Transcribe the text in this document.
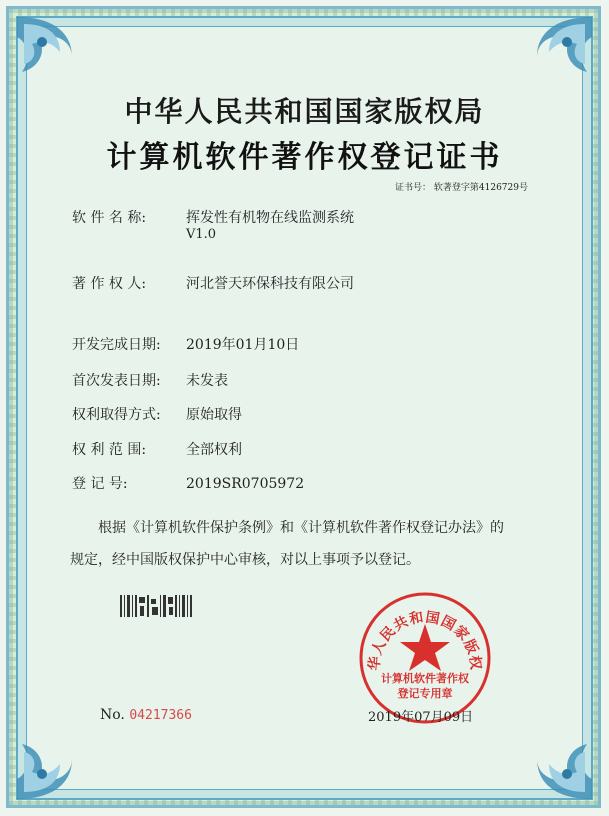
中华人民共和国国家版权局
计算机软件著作权登记证书
证书号： 软著登字第4126729号
软 件 名 称:	挥发性有机物在线监测系统
V1.0
著 作 权 人:	河北誉天环保科技有限公司
开发完成日期: 2019年01月10日
首次发表日期: 未发表
权利取得方式: 原始取得
权 利 范 围:	全部权利
登 记 号:	2019SR0705972
根据《计算机软件保护条例》和《计算机软件著作权登记办法》的
规定，经中国版权保护中心审核，对以上事项予以登记。
No. 04217366
华人民共和国国家版权
计算机软件著作权
登记专用章
2019年07月09日
